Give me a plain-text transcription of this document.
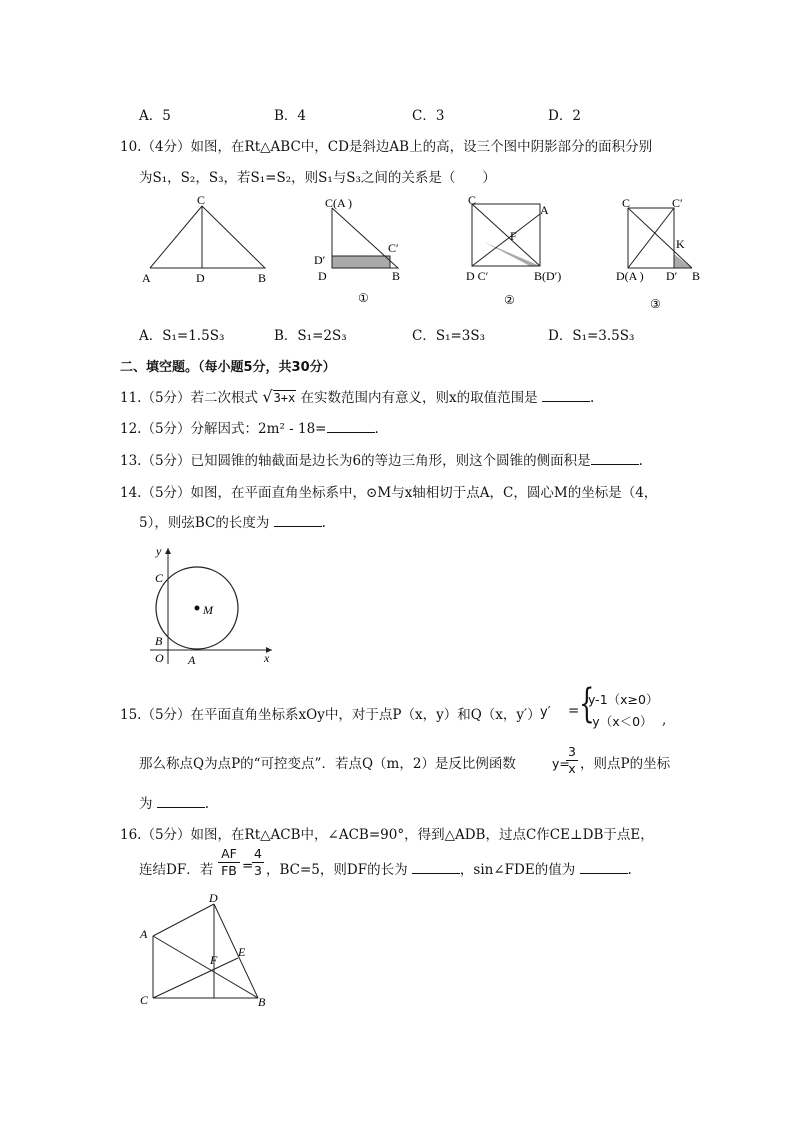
A．5	B．4	C．3	D．2
10.（4分）如图，在Rt△ABC中，CD是斜边AB上的高，设三个图中阴影部分的面积分别
为S₁，S₂，S₃，若S₁=S₂，则S₁与S₃之间的关系是（　　）
C
A	D	B
C(A )
D′
C′
D	B
①
C
A
F
D C′	B(D′)
②
C	C′
K
D(A ) D′ B
③
A．S₁=1.5S₃	B．S₁=2S₃	C．S₁=3S₃	D．S₁=3.5S₃
二、填空题。（每小题5分，共30分）
11.（5分）若二次根式 √3+x 在实数范围内有意义，则x的取值范围是	.
12.（5分）分解因式：2m² - 18=	.
13.（5分）已知圆锥的轴截面是边长为6的等边三角形，则这个圆锥的侧面积是	.
14.（5分）如图，在平面直角坐标系中，⊙M与x轴相切于点A，C，圆心M的坐标是（4，
5），则弦BC的长度为	.
y
C
M
B
O A	x
15.（5分）在平面直角坐标系xOy中，对于点P（x，y）和Q（x，y′） y′ = {
y-1（x≥0）
-y（x＜0） ,
那么称点Q为点P的“可控变点”．若点Q（m，2）是反比例函数	y=
$\frac{3}{x}$ ，则点P的坐标
为	.
16.（5分）如图，在Rt△ACB中，∠ACB=90°，得到△ADB，过点C作CE⊥DB于点E，
连结DF．若 $\frac{AF}{FB}$ =
$\frac{4}{3}$ ，BC=5，则DF的长为	，sin∠FDE的值为	.
D
A
E
F
C	B
